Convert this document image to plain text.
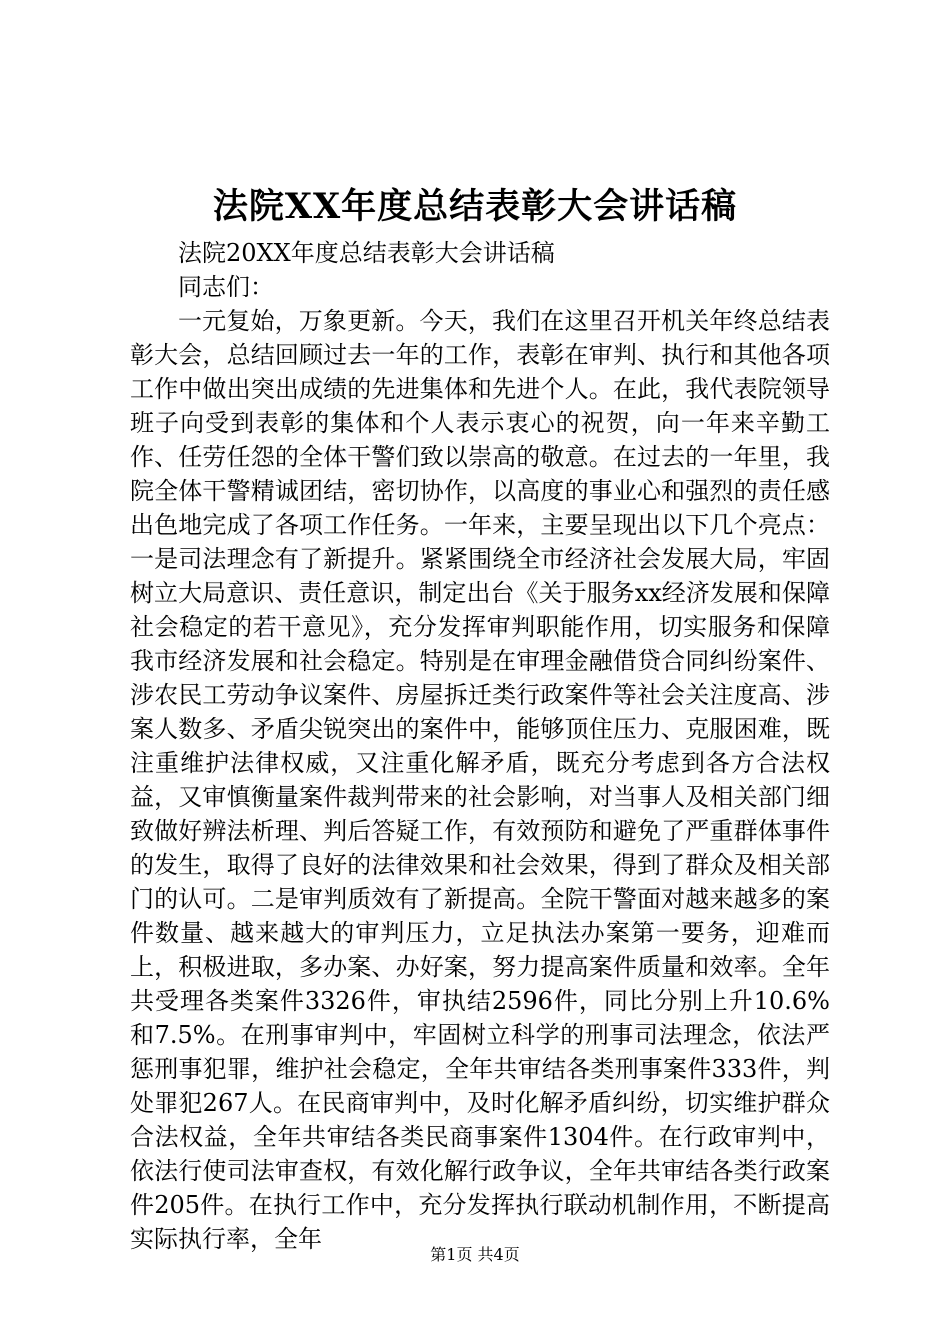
法院XX年度总结表彰大会讲话稿

法院20XX年度总结表彰大会讲话稿

同志们：

一元复始，万象更新。今天，我们在这里召开机关年终总结表彰大会，总结回顾过去一年的工作，表彰在审判、执行和其他各项工作中做出突出成绩的先进集体和先进个人。在此，我代表院领导班子向受到表彰的集体和个人表示衷心的祝贺，向一年来辛勤工作、任劳任怨的全体干警们致以崇高的敬意。在过去的一年里，我院全体干警精诚团结，密切协作，以高度的事业心和强烈的责任感出色地完成了各项工作任务。一年来，主要呈现出以下几个亮点：一是司法理念有了新提升。紧紧围绕全市经济社会发展大局，牢固树立大局意识、责任意识，制定出台《关于服务xx经济发展和保障社会稳定的若干意见》，充分发挥审判职能作用，切实服务和保障我市经济发展和社会稳定。特别是在审理金融借贷合同纠纷案件、涉农民工劳动争议案件、房屋拆迁类行政案件等社会关注度高、涉案人数多、矛盾尖锐突出的案件中，能够顶住压力、克服困难，既注重维护法律权威，又注重化解矛盾，既充分考虑到各方合法权益，又审慎衡量案件裁判带来的社会影响，对当事人及相关部门细致做好辨法析理、判后答疑工作，有效预防和避免了严重群体事件的发生，取得了良好的法律效果和社会效果，得到了群众及相关部门的认可。二是审判质效有了新提高。全院干警面对越来越多的案件数量、越来越大的审判压力，立足执法办案第一要务，迎难而上，积极进取，多办案、办好案，努力提高案件质量和效率。全年共受理各类案件3326件，审执结2596件，同比分别上升10.6%和7.5%。在刑事审判中，牢固树立科学的刑事司法理念，依法严惩刑事犯罪，维护社会稳定，全年共审结各类刑事案件333件，判处罪犯267人。在民商审判中，及时化解矛盾纠纷，切实维护群众合法权益，全年共审结各类民商事案件1304件。在行政审判中，依法行使司法审查权，有效化解行政争议，全年共审结各类行政案件205件。在执行工作中，充分发挥执行联动机制作用，不断提高实际执行率，全年

第1页 共4页
